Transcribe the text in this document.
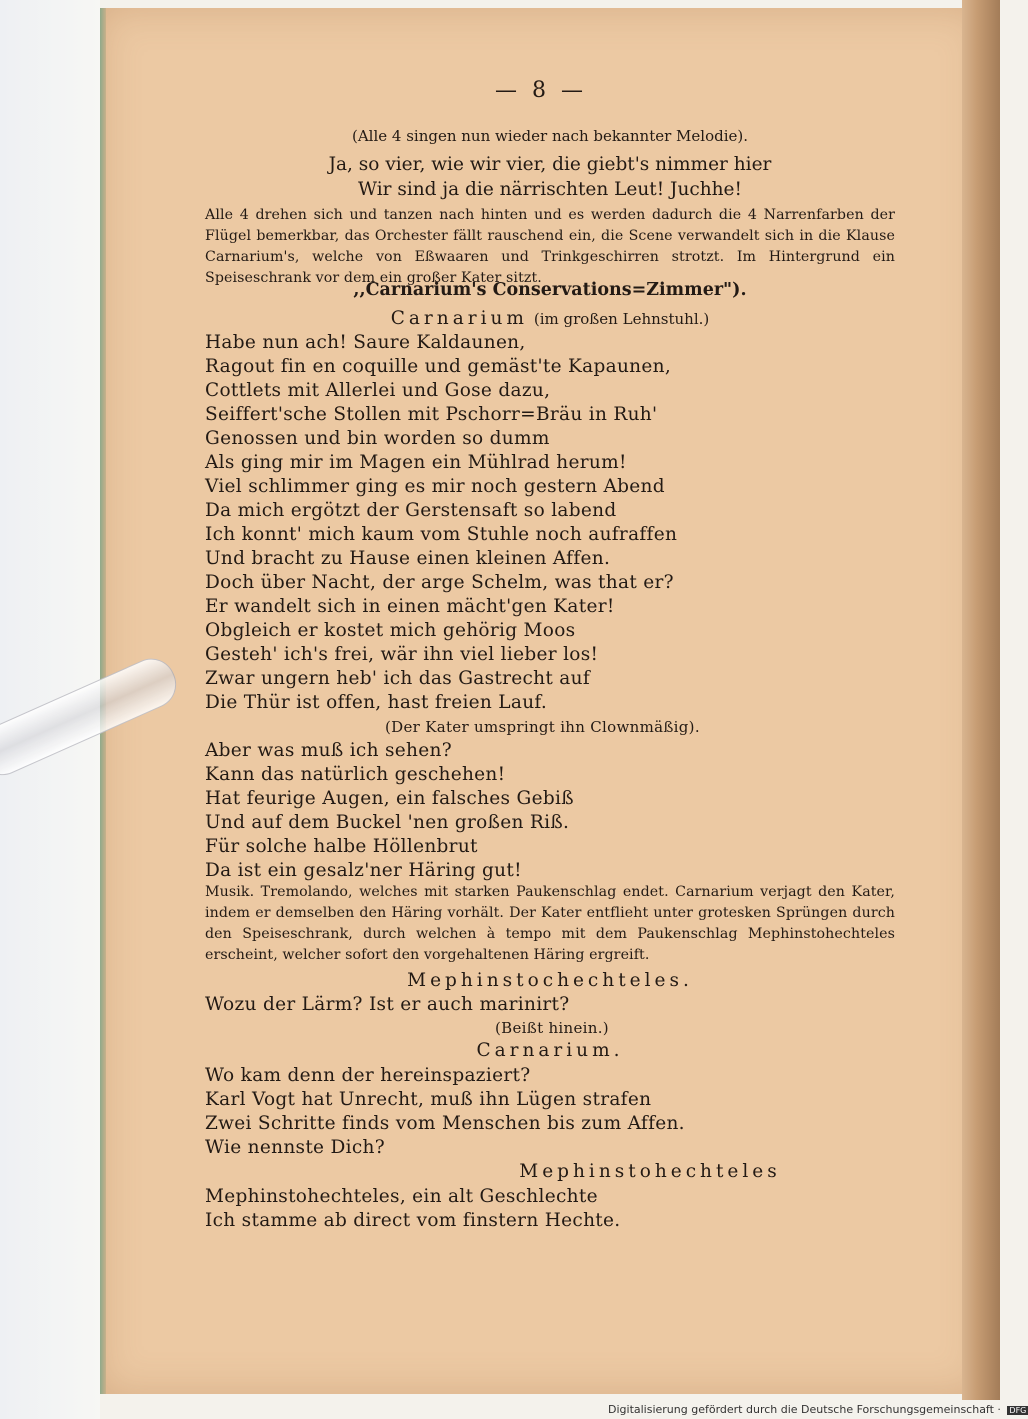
— 8 —
(Alle 4 singen nun wieder nach bekannter Melodie).
Ja, so vier, wie wir vier, die giebt's nimmer hier
Wir sind ja die närrischten Leut! Juchhe!
Alle 4 drehen sich und tanzen nach hinten und es werden dadurch die 4 Narrenfarben der Flügel bemerkbar, das Orchester fällt rauschend ein, die Scene verwandelt sich in die Klause Carnarium's, welche von Eßwaaren und Trinkgeschirren strotzt. Im Hintergrund ein Speiseschrank vor dem ein großer Kater sitzt.
,,Carnarium's Conservations=Zimmer").
Carnarium (im großen Lehnstuhl.)
Habe nun ach! Saure Kaldaunen,
Ragout fin en coquille und gemäst'te Kapaunen,
Cottlets mit Allerlei und Gose dazu,
Seiffert'sche Stollen mit Pschorr=Bräu in Ruh'
Genossen und bin worden so dumm
Als ging mir im Magen ein Mühlrad herum!
Viel schlimmer ging es mir noch gestern Abend
Da mich ergötzt der Gerstensaft so labend
Ich konnt' mich kaum vom Stuhle noch aufraffen
Und bracht zu Hause einen kleinen Affen.
Doch über Nacht, der arge Schelm, was that er?
Er wandelt sich in einen mächt'gen Kater!
Obgleich er kostet mich gehörig Moos
Gesteh' ich's frei, wär ihn viel lieber los!
Zwar ungern heb' ich das Gastrecht auf
Die Thür ist offen, hast freien Lauf.
(Der Kater umspringt ihn Clownmäßig).
Aber was muß ich sehen?
Kann das natürlich geschehen!
Hat feurige Augen, ein falsches Gebiß
Und auf dem Buckel 'nen großen Riß.
Für solche halbe Höllenbrut
Da ist ein gesalz'ner Häring gut!
Musik. Tremolando, welches mit starken Paukenschlag endet. Carnarium verjagt den Kater, indem er demselben den Häring vorhält. Der Kater entflieht unter grotesken Sprüngen durch den Speiseschrank, durch welchen à tempo mit dem Paukenschlag Mephinstohechteles erscheint, welcher sofort den vorgehaltenen Häring ergreift.
Mephinstochechteles.
Wozu der Lärm? Ist er auch marinirt?
(Beißt hinein.)
Carnarium.
Wo kam denn der hereinspaziert?
Karl Vogt hat Unrecht, muß ihn Lügen strafen
Zwei Schritte finds vom Menschen bis zum Affen.
Wie nennste Dich?
Mephinstohechteles
Mephinstohechteles, ein alt Geschlechte
Ich stamme ab direct vom finstern Hechte.
Digitalisierung gefördert durch die Deutsche Forschungsgemeinschaft · DFG
